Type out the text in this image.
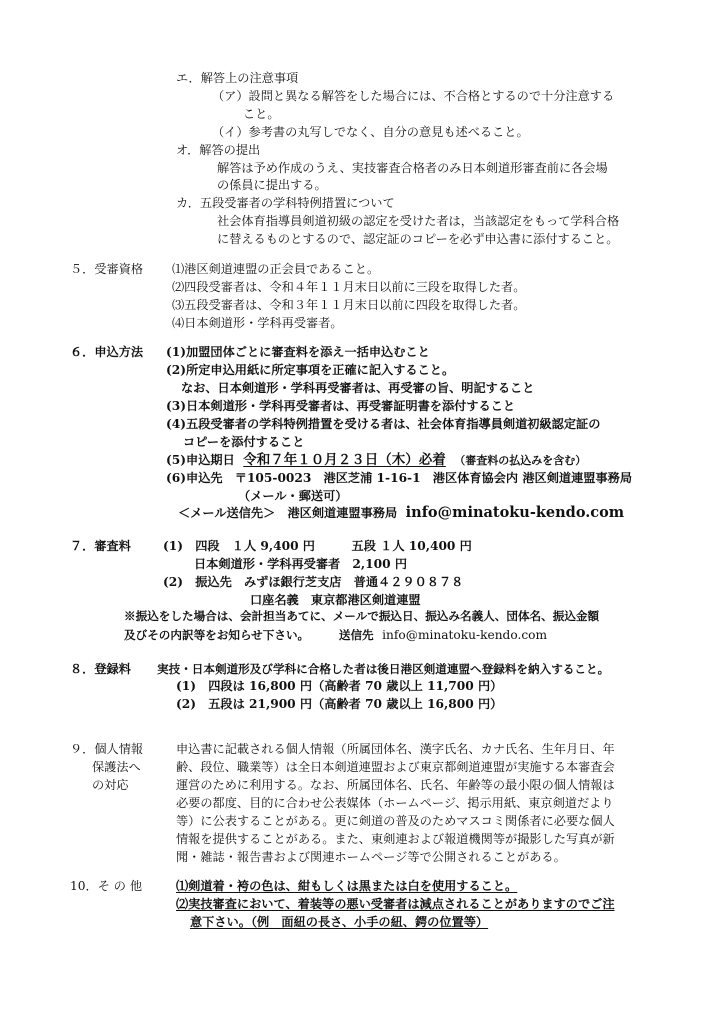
エ．解答上の注意事項
（ア）設問と異なる解答をした場合には、不合格とするので十分注意する
こと。
（イ）参考書の丸写しでなく、自分の意見も述べること。
オ．解答の提出
解答は予め作成のうえ、実技審査合格者のみ日本剣道形審査前に各会場
の係員に提出する。
カ．五段受審者の学科特例措置について
社会体育指導員剣道初級の認定を受けた者は，当該認定をもって学科合格
に替えるものとするので、認定証のコピーを必ず申込書に添付すること。
５．受審資格 ⑴港区剣道連盟の正会員であること。
⑵四段受審者は、令和４年１１月末日以前に三段を取得した者。
⑶五段受審者は、令和３年１１月末日以前に四段を取得した者。
⑷日本剣道形・学科再受審者。
６．申込方法 (1)加盟団体ごとに審査料を添え一括申込むこと
(2)所定申込用紙に所定事項を正確に記入すること。
なお、日本剣道形・学科再受審者は、再受審の旨、明記すること
(3)日本剣道形・学科再受審者は、再受審証明書を添付すること
(4)五段受審者の学科特例措置を受ける者は、社会体育指導員剣道初級認定証の
コピーを添付すること
(5)申込期日 令和７年１０月２３日（木）必着 （審査料の払込みを含む）
(6)申込先　〒105-0023　港区芝浦 1-16-1　港区体育協会内 港区剣道連盟事務局
（メール・郵送可）
＜メール送信先＞　港区剣道連盟事務局 info@minatoku-kendo.com
７．審査料	(1)　四段　１人 9,400 円　　　五段 １人 10,400 円
日本剣道形・学科再受審者　2,100 円
(2)　振込先　みずほ銀行芝支店　普通４２９０８７８
口座名義　東京都港区剣道連盟
※振込をした場合は、会計担当あてに、メールで振込日、振込み名義人、団体名、振込金額
及びその内訳等をお知らせ下さい。	送信先 info@minatoku-kendo.com
８．登録料 実技・日本剣道形及び学科に合格した者は後日港区剣道連盟へ登録料を納入すること。
(1)　四段は 16,800 円（高齢者 70 歳以上 11,700 円）
(2)　五段は 21,900 円（高齢者 70 歳以上 16,800 円）
９．個人情報
保護法へ
の対応
申込書に記載される個人情報（所属団体名、漢字氏名、カナ氏名、生年月日、年
齢、段位、職業等）は全日本剣道連盟および東京都剣道連盟が実施する本審査会
運営のために利用する。なお、所属団体名、氏名、年齢等の最小限の個人情報は
必要の都度、目的に合わせ公表媒体（ホームページ、掲示用紙、東京剣道だより
等）に公表することがある。更に剣道の普及のためマスコミ関係者に必要な個人
情報を提供することがある。また、東剣連および報道機関等が撮影した写真が新
聞・雑誌・報告書および関連ホームページ等で公開されることがある。
10．そ の 他	⑴剣道着・袴の色は、紺もしくは黒または白を使用すること。
⑵実技審査において、着装等の悪い受審者は減点されることがありますのでご注
意下さい。（例　面紐の長さ、小手の紐、鍔の位置等）
